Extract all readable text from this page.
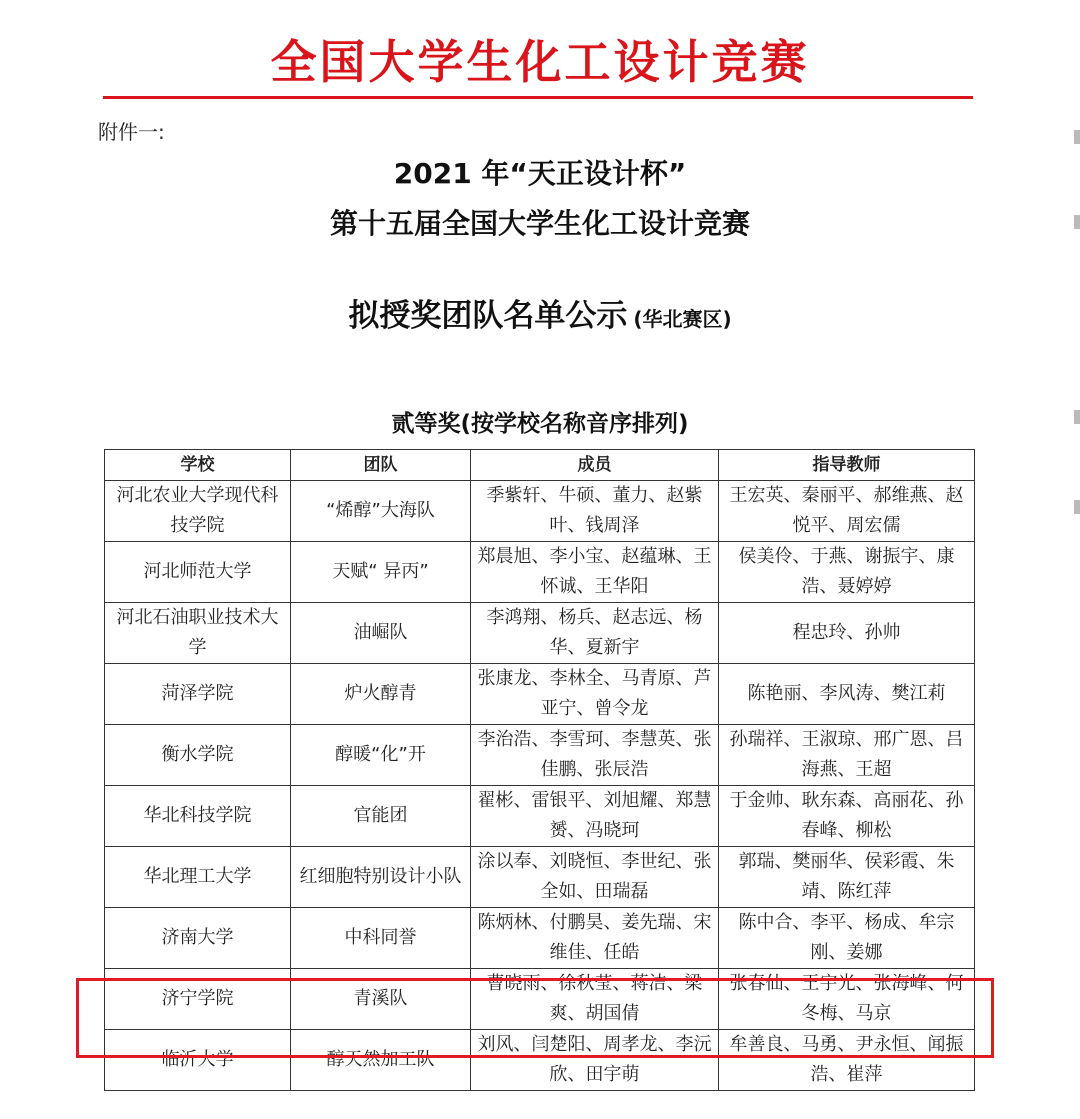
全国大学生化工设计竞赛
附件一:
2021 年“天正设计杯”
第十五届全国大学生化工设计竞赛
拟授奖团队名单公示 (华北赛区)
贰等奖(按学校名称音序排列)
学校	团队	成员	指导教师
河北农业大学现代科技学院	“烯醇”大海队	季紫轩、牛硕、董力、赵紫叶、钱周泽	王宏英、秦丽平、郝维燕、赵悦平、周宏儒
河北师范大学	天赋“ 异丙”	郑晨旭、李小宝、赵蕴琳、王怀诚、王华阳	侯美伶、于燕、谢振宇、康浩、聂婷婷
河北石油职业技术大学	油崛队	李鸿翔、杨兵、赵志远、杨华、夏新宇	程忠玲、孙帅
菏泽学院	炉火醇青	张康龙、李林全、马青原、芦亚宁、曾令龙	陈艳丽、李风涛、樊江莉
衡水学院	醇暖“化”开	李治浩、李雪珂、李慧英、张佳鹏、张辰浩	孙瑞祥、王淑琼、邢广恩、吕海燕、王超
华北科技学院	官能团	翟彬、雷银平、刘旭耀、郑慧赟、冯晓珂	于金帅、耿东森、高丽花、孙春峰、柳松
华北理工大学	红细胞特别设计小队	涂以奉、刘晓恒、李世纪、张全如、田瑞磊	郭瑞、樊丽华、侯彩霞、朱靖、陈红萍
济南大学	中科同誉	陈炳林、付鹏昊、姜先瑞、宋维佳、任皓	陈中合、李平、杨成、牟宗刚、姜娜
济宁学院	青溪队	曹晓雨、徐秋莹、蒋洁、梁爽、胡国倩	张春仙、王宇光、张海峰、何冬梅、马京
临沂大学	醇天然加工队	刘风、闫楚阳、周孝龙、李沅欣、田宇萌	牟善良、马勇、尹永恒、闻振浩、崔萍
